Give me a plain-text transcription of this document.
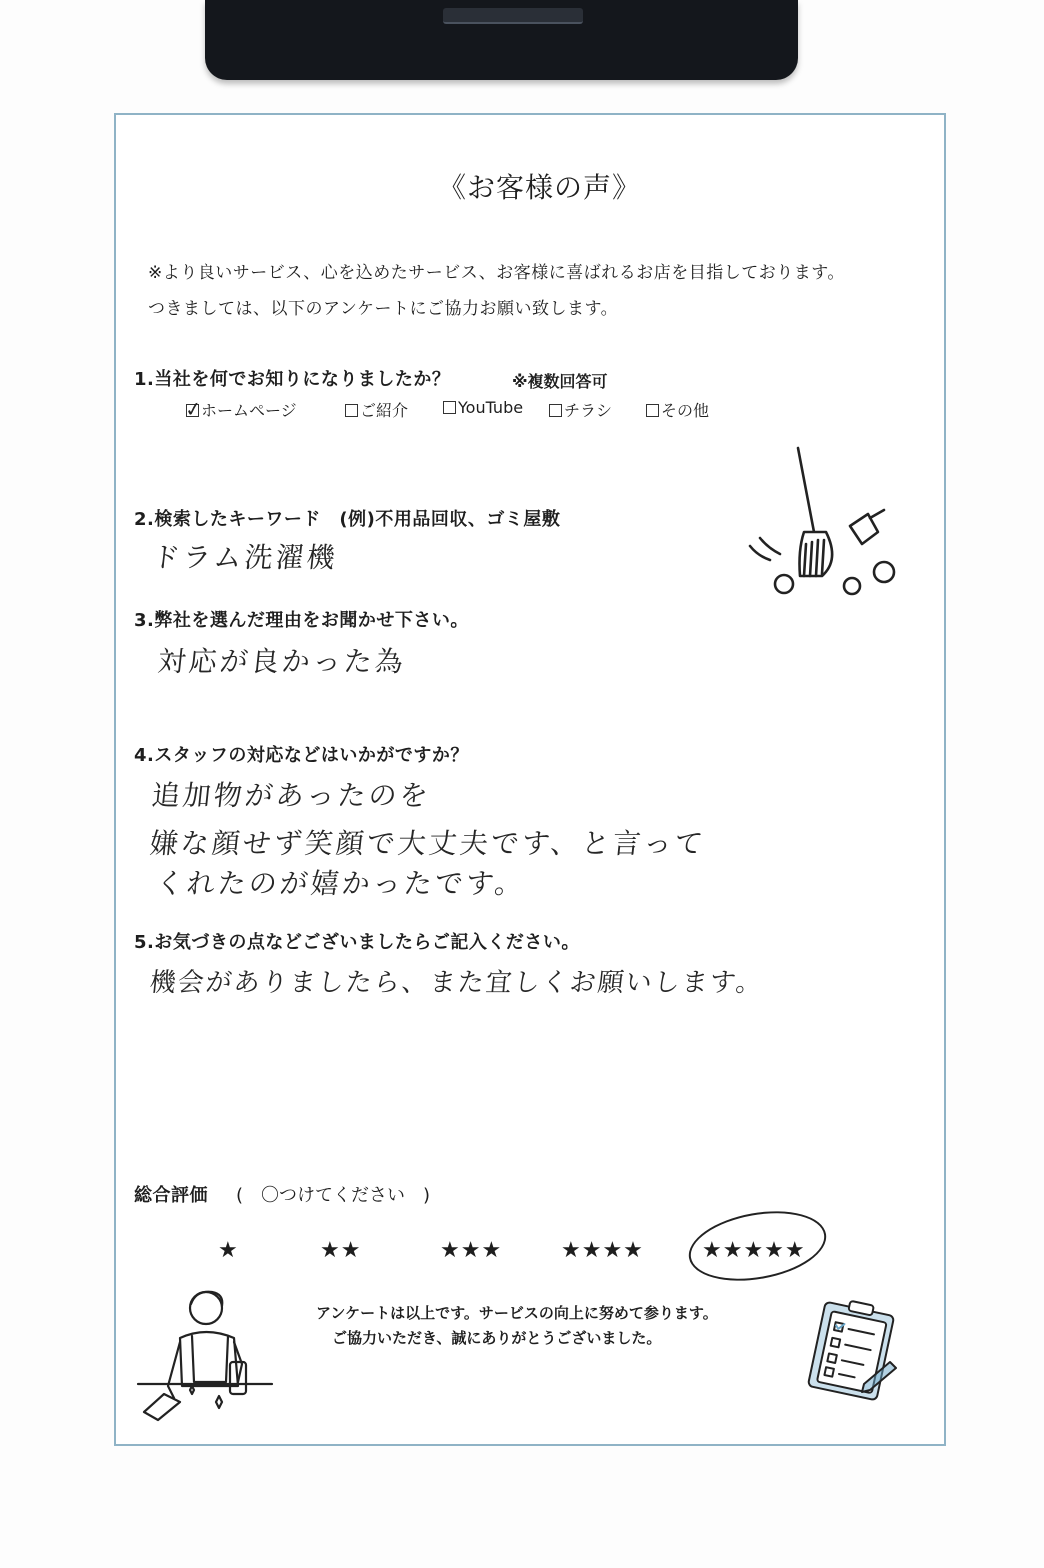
《お客様の声》
※より良いサービス、心を込めたサービス、お客様に喜ばれるお店を目指しております。
つきましては、以下のアンケートにご協力お願い致します。
1.当社を何でお知りになりましたか？	※複数回答可
✓
ホームページ	ご紹介	YouTube	チラシ	その他
2.検索したキーワード　(例)不用品回収、ゴミ屋敷
ドラム洗濯機
3.弊社を選んだ理由をお聞かせ下さい。
対応が良かった為
4.スタッフの対応などはいかがですか？
追加物があったのを
嫌な顔せず笑顔で大丈夫です、と言って
くれたのが嬉かったです。
5.お気づきの点などございましたらご記入ください。
機会がありましたら、また宜しくお願いします。
総合評価 (　〇つけてください　)
★	★★	★★★	★★★★	★★★★★
アンケートは以上です。サービスの向上に努めて参ります。
ご協力いただき、誠にありがとうございました。
